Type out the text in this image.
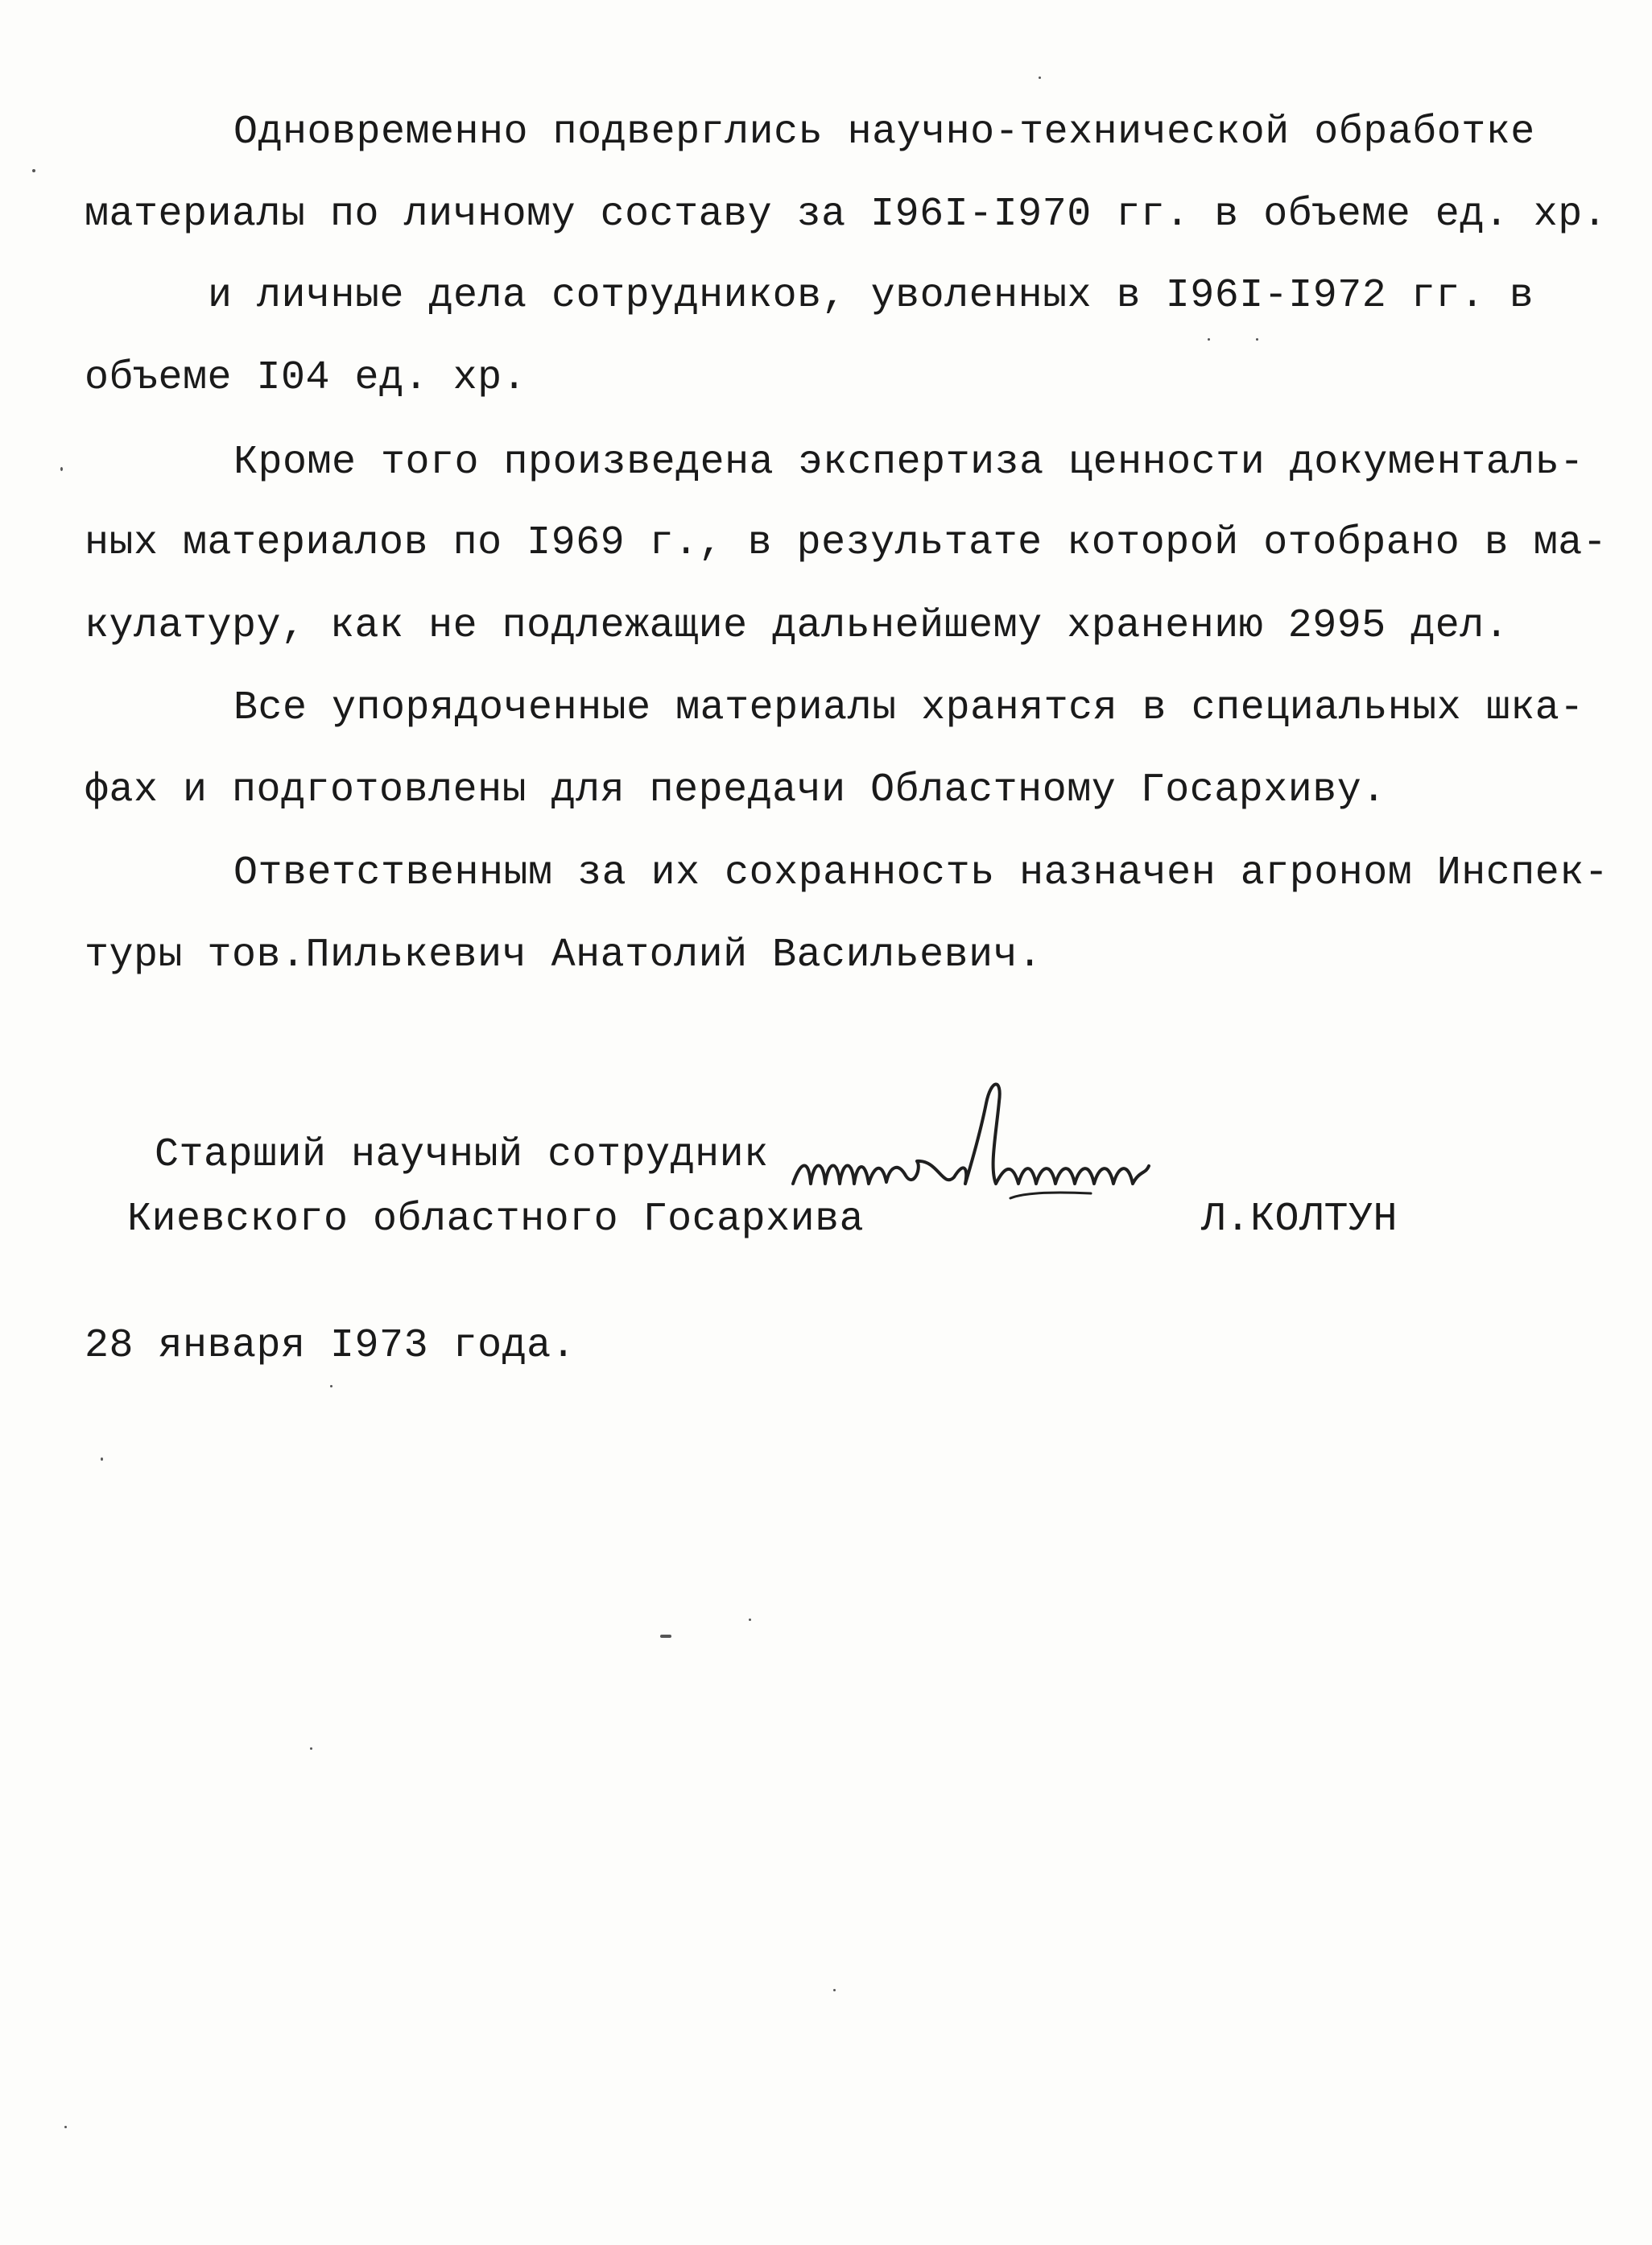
Одновременно подверглись научно-технической обработке
материалы по личному составу за I96I-I970 гг. в объеме ед. хр.
и личные дела сотрудников, уволенных в I96I-I972 гг. в
объеме I04 ед. хр.
Кроме того произведена экспертиза ценности документаль-
ных материалов по I969 г., в результате которой отобрано в ма-
кулатуру, как не подлежащие дальнейшему хранению 2995 дел.
Все упорядоченные материалы хранятся в специальных шка-
фах и подготовлены для передачи Областному Госархиву.
Ответственным за их сохранность назначен агроном Инспек-
туры тов.Пилькевич Анатолий Васильевич.
Старший научный сотрудник
Киевского областного Госархива	Л.КОЛТУН
28 января I973 года.
